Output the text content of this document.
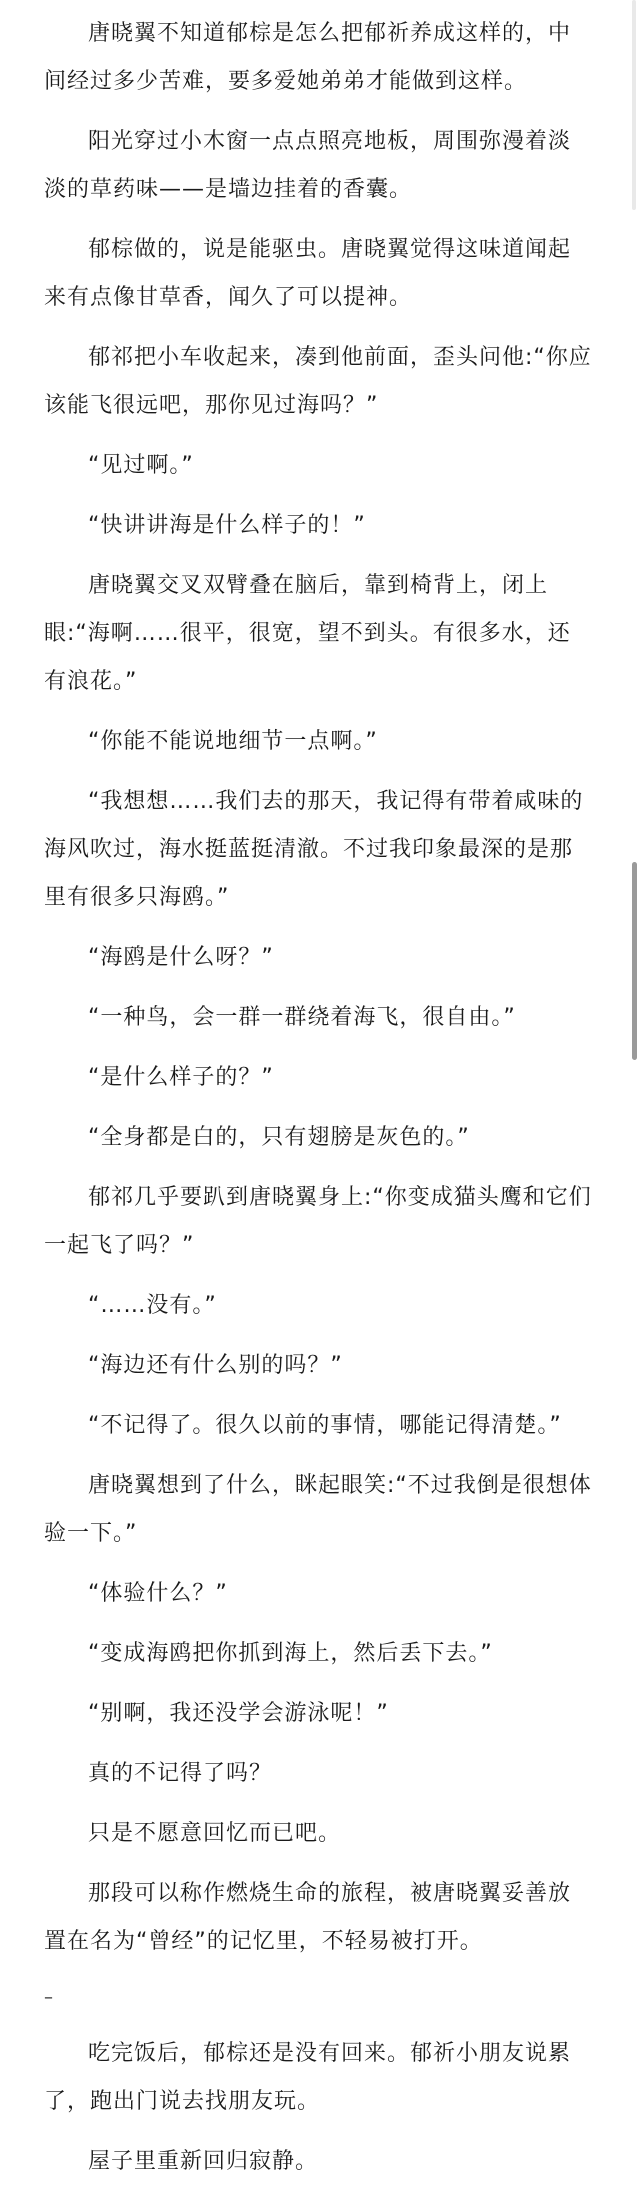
唐晓翼不知道郁棕是怎么把郁祈养成这样的，中间经过多少苦难，要多爱她弟弟才能做到这样。

阳光穿过小木窗一点点照亮地板，周围弥漫着淡淡的草药味——是墙边挂着的香囊。

郁棕做的，说是能驱虫。唐晓翼觉得这味道闻起来有点像甘草香，闻久了可以提神。

郁祁把小车收起来，凑到他前面，歪头问他:“你应该能飞很远吧，那你见过海吗？”

“见过啊。”

“快讲讲海是什么样子的！”

唐晓翼交叉双臂叠在脑后，靠到椅背上，闭上眼:“海啊……很平，很宽，望不到头。有很多水，还有浪花。”

“你能不能说地细节一点啊。”

“我想想……我们去的那天，我记得有带着咸味的海风吹过，海水挺蓝挺清澈。不过我印象最深的是那里有很多只海鸥。”

“海鸥是什么呀？”

“一种鸟，会一群一群绕着海飞，很自由。”

“是什么样子的？”

“全身都是白的，只有翅膀是灰色的。”

郁祁几乎要趴到唐晓翼身上:“你变成猫头鹰和它们一起飞了吗？”

“……没有。”

“海边还有什么别的吗？”

“不记得了。很久以前的事情，哪能记得清楚。”

唐晓翼想到了什么，眯起眼笑:“不过我倒是很想体验一下。”

“体验什么？”

“变成海鸥把你抓到海上，然后丢下去。”

“别啊，我还没学会游泳呢！”

真的不记得了吗？

只是不愿意回忆而已吧。

那段可以称作燃烧生命的旅程，被唐晓翼妥善放置在名为“曾经”的记忆里，不轻易被打开。

–

吃完饭后，郁棕还是没有回来。郁祈小朋友说累了，跑出门说去找朋友玩。

屋子里重新回归寂静。
